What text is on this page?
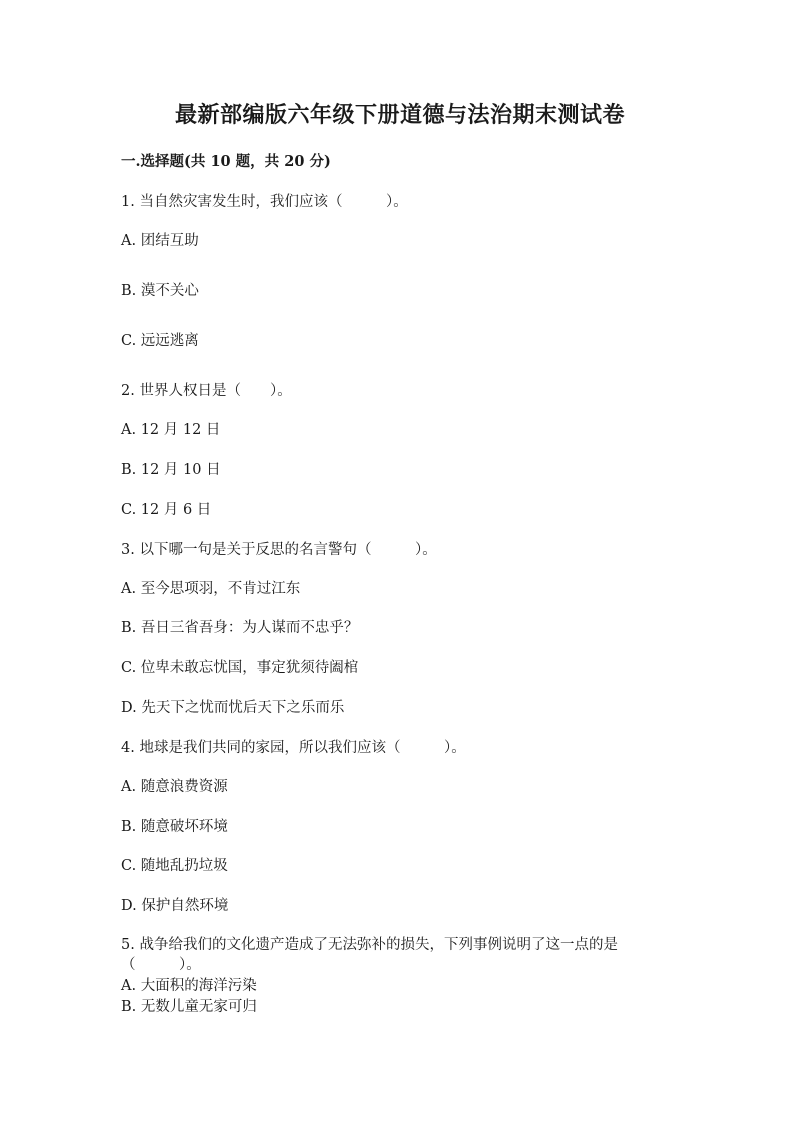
最新部编版六年级下册道德与法治期末测试卷
一.选择题(共 10 题，共 20 分)
1. 当自然灾害发生时，我们应该（　　　）。
A. 团结互助
B. 漠不关心
C. 远远逃离
2. 世界人权日是（　　）。
A. 12 月 12 日
B. 12 月 10 日
C. 12 月 6 日
3. 以下哪一句是关于反思的名言警句（　　　）。
A. 至今思项羽，不肯过江东
B. 吾日三省吾身：为人谋而不忠乎？
C. 位卑未敢忘忧国，事定犹须待阖棺
D. 先天下之忧而忧后天下之乐而乐
4. 地球是我们共同的家园，所以我们应该（　　　）。
A. 随意浪费资源
B. 随意破坏环境
C. 随地乱扔垃圾
D. 保护自然环境
5. 战争给我们的文化遗产造成了无法弥补的损失，下列事例说明了这一点的是
（　　　）。
A. 大面积的海洋污染
B. 无数儿童无家可归
